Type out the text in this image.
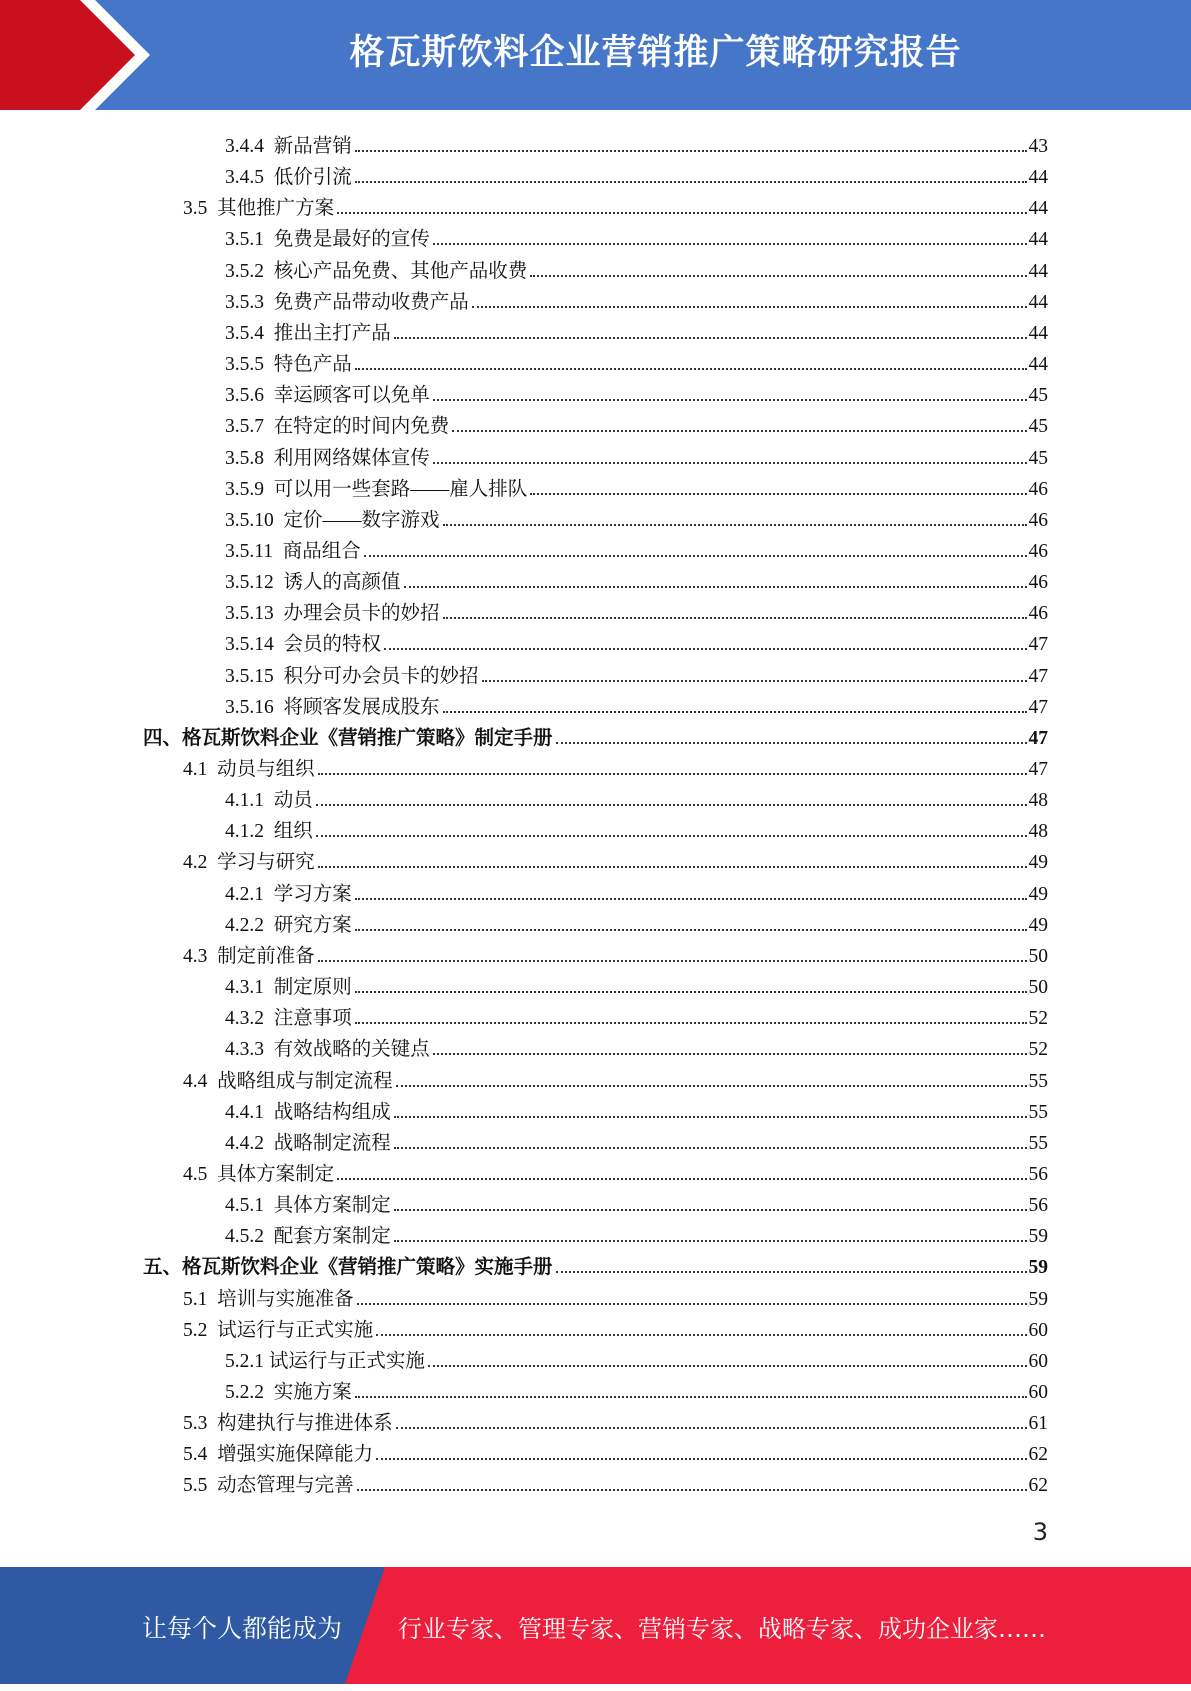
格瓦斯饮料企业营销推广策略研究报告
3.4.4 新品营销	43
3.4.5 低价引流	44
3.5 其他推广方案	44
3.5.1 免费是最好的宣传	44
3.5.2 核心产品免费、其他产品收费	44
3.5.3 免费产品带动收费产品	44
3.5.4 推出主打产品	44
3.5.5 特色产品	44
3.5.6 幸运顾客可以免单	45
3.5.7 在特定的时间内免费	45
3.5.8 利用网络媒体宣传	45
3.5.9 可以用一些套路——雇人排队	46
3.5.10 定价——数字游戏	46
3.5.11 商品组合	46
3.5.12 诱人的高颜值	46
3.5.13 办理会员卡的妙招	46
3.5.14 会员的特权	47
3.5.15 积分可办会员卡的妙招	47
3.5.16 将顾客发展成股东	47
四、格瓦斯饮料企业《营销推广策略》制定手册	47
4.1 动员与组织	47
4.1.1 动员	48
4.1.2 组织	48
4.2 学习与研究	49
4.2.1 学习方案	49
4.2.2 研究方案	49
4.3 制定前准备	50
4.3.1 制定原则	50
4.3.2 注意事项	52
4.3.3 有效战略的关键点	52
4.4 战略组成与制定流程	55
4.4.1 战略结构组成	55
4.4.2 战略制定流程	55
4.5 具体方案制定	56
4.5.1 具体方案制定	56
4.5.2 配套方案制定	59
五、格瓦斯饮料企业《营销推广策略》实施手册	59
5.1 培训与实施准备	59
5.2 试运行与正式实施	60
5.2.1 试运行与正式实施	60
5.2.2 实施方案	60
5.3 构建执行与推进体系	61
5.4 增强实施保障能力	62
5.5 动态管理与完善	62
3
让每个人都能成为 行业专家、管理专家、营销专家、战略专家、成功企业家……
